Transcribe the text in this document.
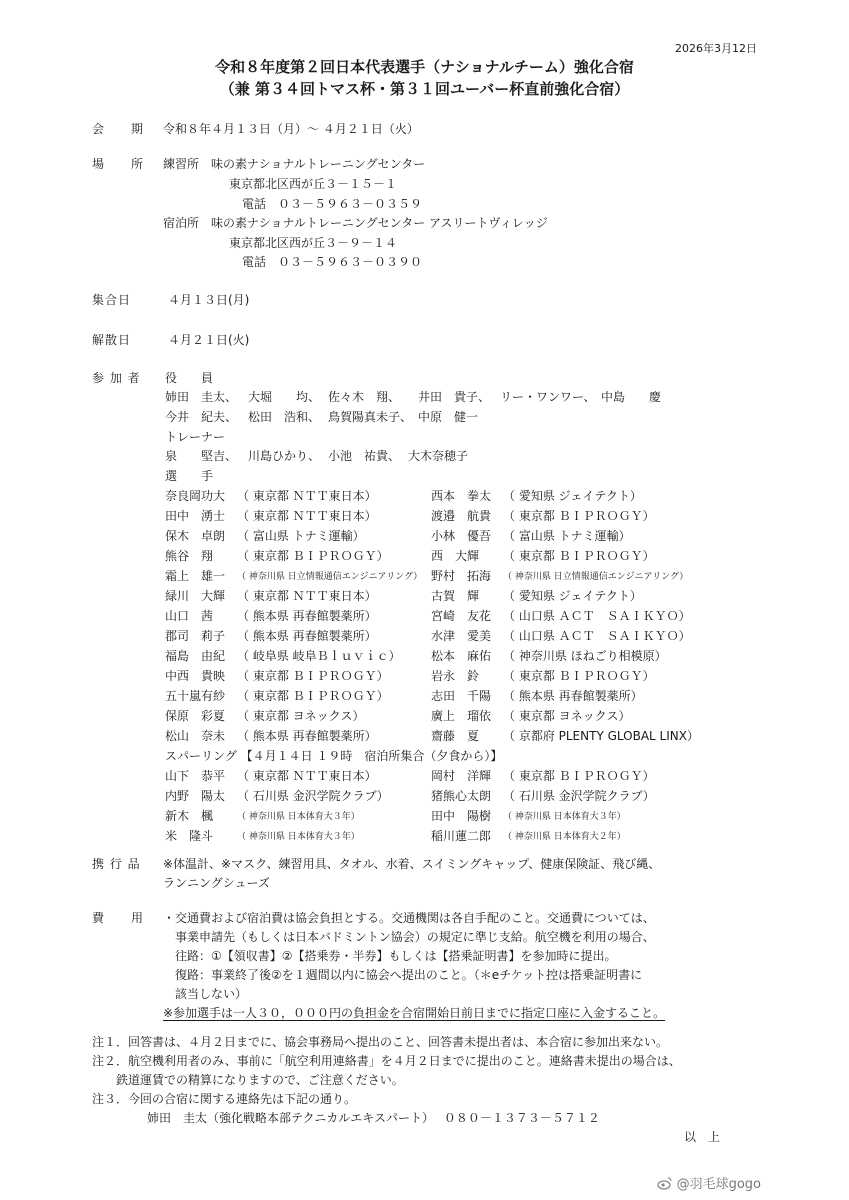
2026年3月12日
令和８年度第２回日本代表選手（ナショナルチーム）強化合宿
（兼 第３４回トマス杯・第３１回ユーバー杯直前強化合宿）
会　　期 令和８年４月１３日（月）～ ４月２１日（火）
場　　所 練習所　味の素ナショナルトレーニングセンター
東京都北区西が丘３－１５－１
電話　０３－５９６３－０３５９
宿泊所　味の素ナショナルトレーニングセンター アスリートヴィレッジ
東京都北区西が丘３－９－１４
電話　０３－５９６３－０３９０
集合日	４月１３日(月)
解散日	４月２１日(火)
参 加 者 役　　員
姉田　圭太、 大堀　　均、 佐々木　翔、 井田　貴子、 リー・ワンワー、 中島　　慶
今井　紀夫、 松田　浩和、 鳥賀陽真未子、 中原　健一
トレーナー
泉　　堅吉、 川島ひかり、 小池　祐貴、 大木奈穂子
選　　手
奈良岡功大 （ 東京都 ＮＴＴ東日本）	西本　拳太 （ 愛知県 ジェイテクト）
田中　湧士 （ 東京都 ＮＴＴ東日本）	渡邉　航貴 （ 東京都 ＢＩＰＲＯＧＹ）
保木　卓朗 （ 富山県 トナミ運輸）	小林　優吾 （ 富山県 トナミ運輸）
熊谷　翔 （ 東京都 ＢＩＰＲＯＧＹ）	西　大輝 （ 東京都 ＢＩＰＲＯＧＹ）
霜上　雄一 （ 神奈川県 日立情報通信エンジニアリング） 野村　拓海 （ 神奈川県 日立情報通信エンジニアリング）
緑川　大輝 （ 東京都 ＮＴＴ東日本）	古賀　輝 （ 愛知県 ジェイテクト）
山口　茜 （ 熊本県 再春館製薬所）	宮崎　友花 （ 山口県 ＡＣＴ　ＳＡＩＫＹＯ）
郡司　莉子 （ 熊本県 再春館製薬所）	水津　愛美 （ 山口県 ＡＣＴ　ＳＡＩＫＹＯ）
福島　由紀 （ 岐阜県 岐阜Ｂｌｕｖｉｃ）	松本　麻佑 （ 神奈川県 ほねごり相模原）
中西　貴映 （ 東京都 ＢＩＰＲＯＧＹ）	岩永　鈴 （ 東京都 ＢＩＰＲＯＧＹ）
五十嵐有紗 （ 東京都 ＢＩＰＲＯＧＹ）	志田　千陽 （ 熊本県 再春館製薬所）
保原　彩夏 （ 東京都 ヨネックス）	廣上　瑠依 （ 東京都 ヨネックス）
松山　奈未 （ 熊本県 再春館製薬所）	齋藤　夏 （ 京都府 PLENTY GLOBAL LINX）
スパーリング 【４月１４日 １９時　宿泊所集合（夕食から）】
山下　恭平 （ 東京都 ＮＴＴ東日本）	岡村　洋輝 （ 東京都 ＢＩＰＲＯＧＹ）
内野　陽太 （ 石川県 金沢学院クラブ）	猪熊心太朗 （ 石川県 金沢学院クラブ）
新木　楓	（ 神奈川県 日本体育大３年）	田中　陽樹 （ 神奈川県 日本体育大３年）
米　隆斗	（ 神奈川県 日本体育大３年）	稲川蓮二郎 （ 神奈川県 日本体育大２年）
携 行 品 ※体温計、※マスク、練習用具、タオル、水着、スイミングキャップ、健康保険証、飛び縄、
ランニングシューズ
費　　用 ・交通費および宿泊費は協会負担とする。交通機関は各自手配のこと。交通費については、
事業申請先（もしくは日本バドミントン協会）の規定に準じ支給。航空機を利用の場合、
往路：①【領収書】②【搭乗券・半券】もしくは【搭乗証明書】を参加時に提出。
復路：事業終了後②を１週間以内に協会へ提出のこと。（＊eチケット控は搭乗証明書に
該当しない）
※参加選手は一人３０，０００円の負担金を合宿開始日前日までに指定口座に入金すること。
注１．回答書は、４月２日までに、協会事務局へ提出のこと、回答書未提出者は、本合宿に参加出来ない。
注２．航空機利用者のみ、事前に「航空利用連絡書」を４月２日までに提出のこと。連絡書未提出の場合は、
鉄道運賃での精算になりますので、ご注意ください。
注３．今回の合宿に関する連絡先は下記の通り。
姉田　圭太（強化戦略本部テクニカルエキスパート）　 ０８０－１３７３－５７１２
以　上
@羽毛球gogo
